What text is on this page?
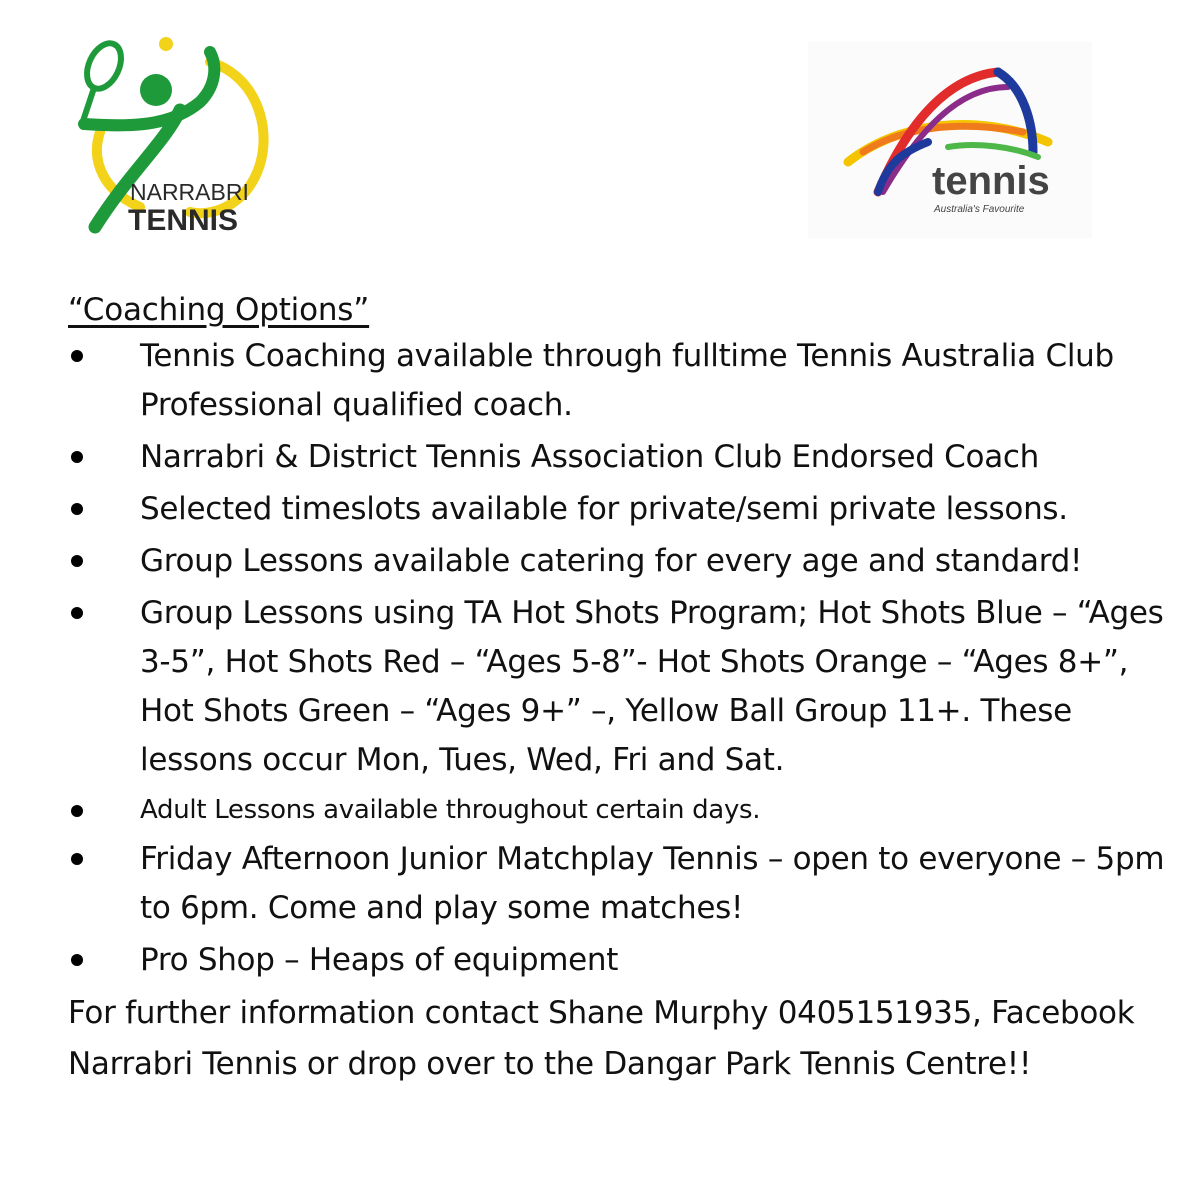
NARRABRI
TENNIS
tennis
Australia's Favourite

“Coaching Options”

Tennis Coaching available through fulltime Tennis Australia Club Professional qualified coach.
Narrabri & District Tennis Association Club Endorsed Coach
Selected timeslots available for private/semi private lessons.
Group Lessons available catering for every age and standard!
Group Lessons using TA Hot Shots Program; Hot Shots Blue – “Ages 3-5”, Hot Shots Red – “Ages 5-8”- Hot Shots Orange – “Ages 8+”, Hot Shots Green – “Ages 9+” –, Yellow Ball Group 11+. These lessons occur Mon, Tues, Wed, Fri and Sat.
Adult Lessons available throughout certain days.
Friday Afternoon Junior Matchplay Tennis – open to everyone – 5pm to 6pm. Come and play some matches!
Pro Shop – Heaps of equipment

For further information contact Shane Murphy 0405151935, Facebook Narrabri Tennis or drop over to the Dangar Park Tennis Centre!!
